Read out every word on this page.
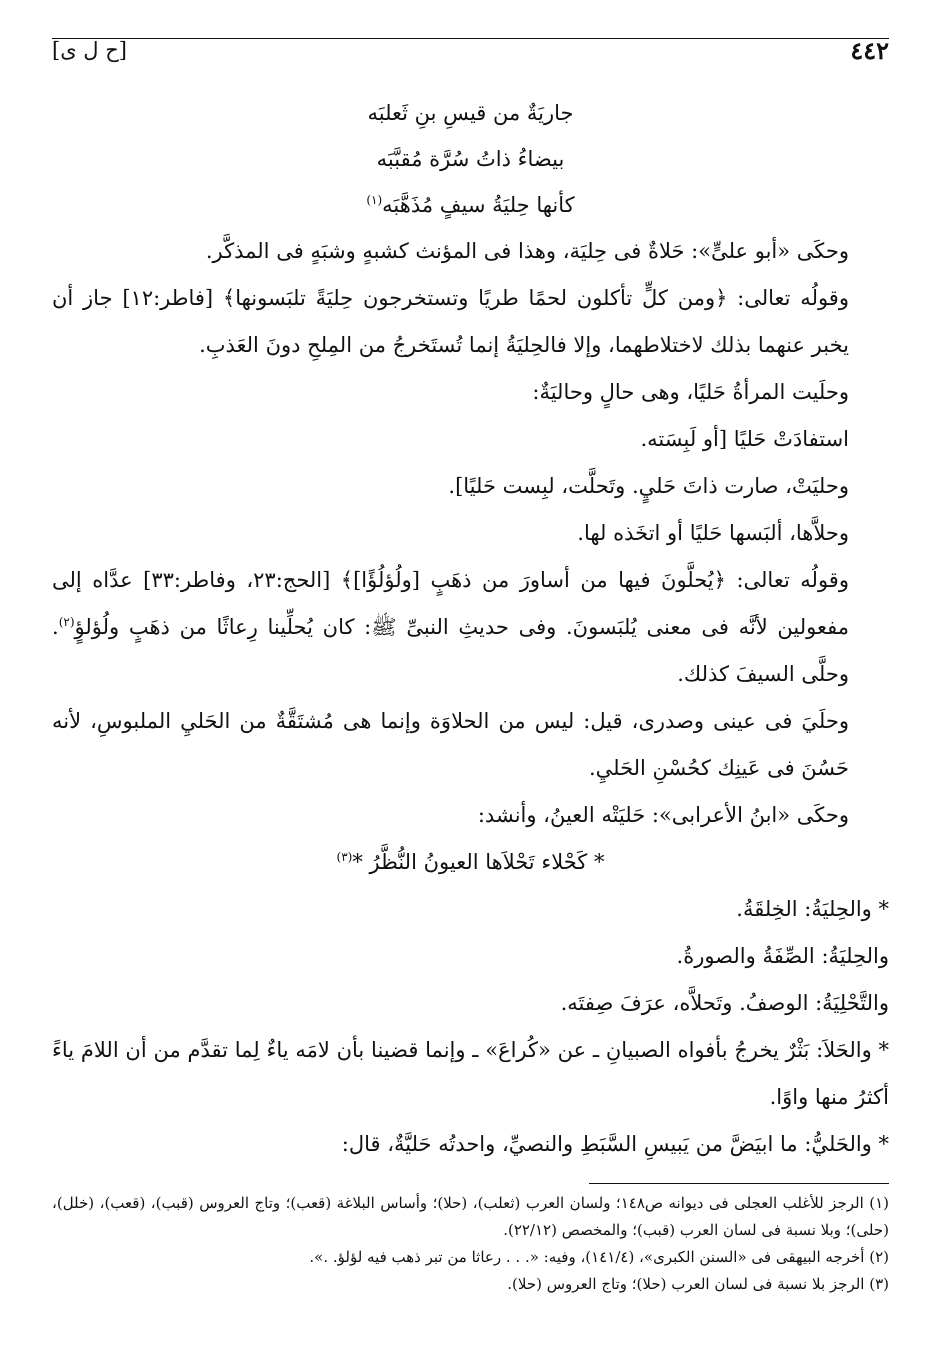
٤٤٢
[ح ل ى]

جاريَةٌ من قيسِ بنِ ثَعلبَه

بيضاءُ ذاتُ سُرَّة مُقبَّبَه

كأنها حِليَةُ سيفٍ مُذَهَّبَه$^{(١)}$

وحكَى «أبو علىٍّ»: حَلاةٌ فى حِليَة، وهذا فى المؤنث كشبهٍ وشبَهٍ فى المذكَّر.

وقولُه تعالى: ﴿ومن كلٍّ تأكلون لحمًا طريًا وتستخرجون حِليَةً تلبَسونها﴾ [فاطر:١٢] جاز أن يخبر عنهما بذلك لاختلاطهما، وإلا فالحِليَةُ إنما تُستَخرجُ من المِلحِ دونَ العَذبِ.

وحلَيت المرأةُ حَليًا، وهى حالٍ وحاليَةٌ:

استفادَتْ حَليًا [أو لَبِسَته.

وحليَتْ، صارت ذاتَ حَليٍ. وتَحلَّت، لبِست حَليًا].

وحلاَّها، ألبَسها حَليًا أو اتخَذه لها.

وقولُه تعالى: ﴿يُحلَّونَ فيها من أساورَ من ذهَبٍ [ولُؤلُؤًا]﴾ [الحج:٢٣، وفاطر:٣٣] عدَّاه إلى مفعولين لأنَّه فى معنى يُلبَسونَ. وفى حديثِ النبىِّ ﷺ: كان يُحلِّينا رِعاثًا من ذهَبٍ ولُؤلؤٍ$^{(٢)}$. وحلَّى السيفَ كذلك.

وحلَيَ فى عينى وصدرى، قيل: ليس من الحلاوَة وإنما هى مُشتَقَّةٌ من الحَليِ الملبوسِ، لأنه حَسُنَ فى عَينِك كحُسْنِ الحَليِ.

وحكَى «ابنُ الأعرابى»: حَليَتْه العينُ، وأنشد:

* كَحْلاء تَحْلاَها العيونُ النُّظَّرُ *$^{(٣)}$

* والحِليَةُ: الخِلقَةُ.

والحِليَةُ: الصِّفَةُ والصورةُ.

والتَّحْلِيَةُ: الوصفُ. وتَحلاَّه، عرَفَ صِفتَه.

* والحَلاَ: بَثْرٌ يخرجُ بأفواه الصبيانِ ـ عن «كُراعَ» ـ وإنما قضينا بأن لامَه ياءٌ لِما تقدَّم من أن اللامَ ياءً أكثرُ منها واوًا.

* والحَليُّ: ما ابيَضَّ من يَبيسِ السَّبَطِ والنصيِّ، واحدتُه حَليَّةٌ، قال:

(١) الرجز للأغلب العجلى فى ديوانه ص١٤٨؛ ولسان العرب (ثعلب)، (حلا)؛ وأساس البلاغة (قعب)؛ وتاج العروس (قبب)، (قعب)، (خلل)، (حلى)؛ وبلا نسبة فى لسان العرب (قبب)؛ والمخصص (٢٢/١٢).

(٢) أخرجه البيهقى فى «السنن الكبرى»، (١٤١/٤)، وفيه: «. . . رعاثا من تبر ذهب فيه لؤلؤ. .».

(٣) الرجز بلا نسبة فى لسان العرب (حلا)؛ وتاج العروس (حلا).
